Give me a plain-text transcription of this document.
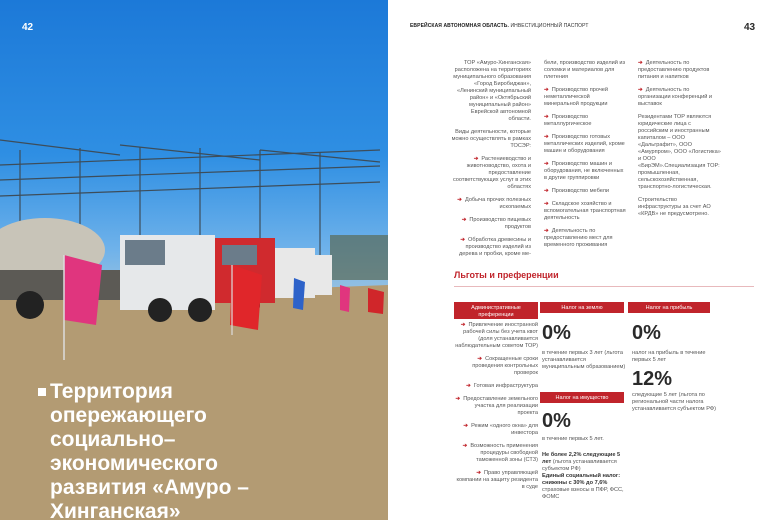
42
Территория
опережающего
социально–
экономического
развития «Амуро –
Хинганская»
ЕВРЕЙСКАЯ АВТОНОМНАЯ ОБЛАСТЬ. ИНВЕСТИЦИОННЫЙ ПАСПОРТ	43

ТОР «Амуро-Хинганская» расположена на территориях муниципального образования «Город Биробиджан», «Ленинский муниципальный район» и «Октябрьский муниципальный район» Еврейской автономной области.

Виды деятельности, которые можно осуществлять в рамках ТОСЭР:

➔ Растениеводство и животноводство, охота и предоставление соответствующих услуг в этих областях

➔ Добыча прочих полезных ископаемых

➔ Производство пищевых продуктов

➔ Обработка древесины и производство изделий из дерева и пробки, кроме ме-

бели, производство изделий из соломки и материалов для плетения

➔ Производство прочей неметаллической минеральной продукции

➔ Производство металлургическое

➔ Производство готовых металлических изделий, кроме машин и оборудования

➔ Производство машин и оборудования, не включенных в другие группировки

➔ Производство мебели

➔ Складское хозяйство и вспомогательная транспортная деятельность

➔ Деятельность по предоставлению мест для временного проживания

➔ Деятельность по предоставлению продуктов питания и напитков

➔ Деятельность по организации конференций и выставок

Резидентами ТОР являются юридические лица с российским и иностранным капиталом – ООО «Дальграфит», ООО «Амурпром», ООО «Логистика» и ООО «БирЭМ».Специализация ТОР: промышленная, сельскохозяйственная, транспортно-логистическая.

Строительство инфраструктуры за счет АО «КРДВ» не предусмотрено.

Льготы и преференции
Административные преференции

➔ Привлечение иностранной рабочей силы без учета квот (доля устанавливается наблюдательным советом ТОР)

➔ Сокращенные сроки проведения контрольных проверок

➔ Готовая инфраструктура

➔ Предоставление земельного участка для реализации проекта

➔ Режим «одного окна» для инвестора

➔ Возможность применения процедуры свободной таможенной зоны (СТЗ)

➔ Право управляющей компании на защиту резидента в суде

Налог на землю
0%
в течение первых 3 лет (льгота устанавливается муниципальным образованием)
Налог на имущество
0%
в течение первых 5 лет.
Не более 2,2% следующие 5 лет (льгота устанавливается субъектом РФ)
Единый социальный налог: снижены с 30% до 7,6% страховые взносы в ПФР, ФСС, ФОМС
Налог на прибыль
0%
налог на прибыль в течение первых 5 лет
12%
следующие 5 лет (льгота по региональной части налога устанавливается субъектом РФ)
